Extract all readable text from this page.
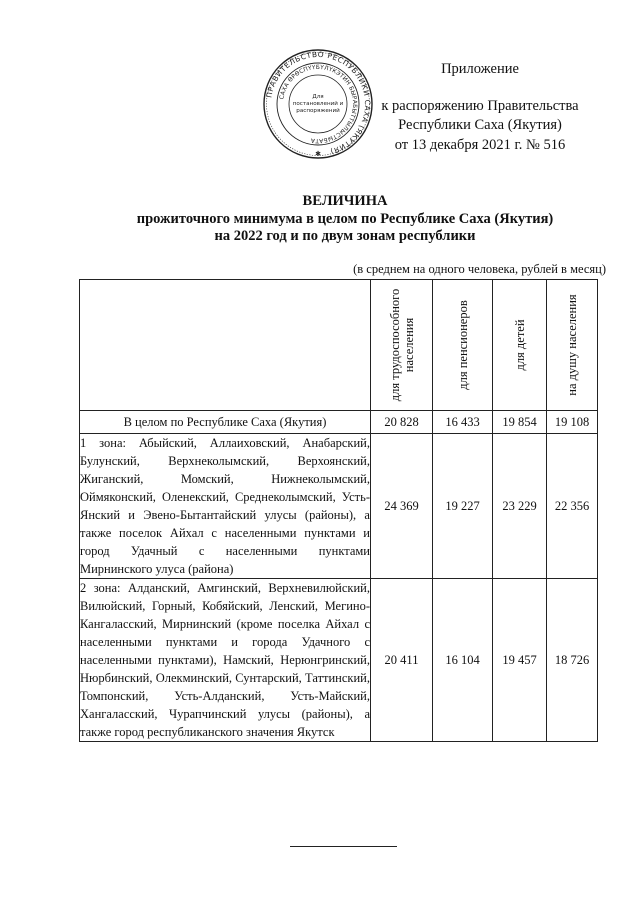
ПРАВИТЕЛЬСТВО РЕСПУБЛИКИ САХА (ЯКУТИЯ)
САХА ӨРӨСПҮҮБҮЛҮКЭТИН БЫРАБЫТТЫЛЫСТЫБАТА
Для
постановлений и
распоряжений
✱
Приложение
к распоряжению Правительства
Республики Саха (Якутия)
от 13 декабря 2021 г. № 516
ВЕЛИЧИНА
прожиточного минимума в целом по Республике Саха (Якутия)
на 2022 год и по двум зонам республики
(в среднем на одного человека, рублей в месяц)

	для трудоспособного населения	для пенсионеров	для детей	на душу населения

В целом по Республике Саха (Якутия)	20 828	16 433	19 854	19 108
1 зона: Абыйский, Аллаиховский, Анабарский, Булунский, Верхнеколымский, Верхоянский, Жиганский, Момский, Нижнеколымский, Оймяконский, Оленекский, Среднеколымский, Усть-Янский и Эвено-Бытантайский улусы (районы), а также поселок Айхал с населенными пунктами и город Удачный с населенными пунктами Мирнинского улуса (района)	24 369	19 227	23 229	22 356
2 зона: Алданский, Амгинский, Верхневилюйский, Вилюйский, Горный, Кобяйский, Ленский, Мегино-Кангаласский, Мирнинский (кроме поселка Айхал с населенными пунктами и города Удачного с населенными пунктами), Намский, Нерюнгринский, Нюрбинский, Олекминский, Сунтарский, Таттинский, Томпонский, Усть-Алданский, Усть-Майский, Хангаласский, Чурапчинский улусы (районы), а также город республиканского значения Якутск	20 411	16 104	19 457	18 726
